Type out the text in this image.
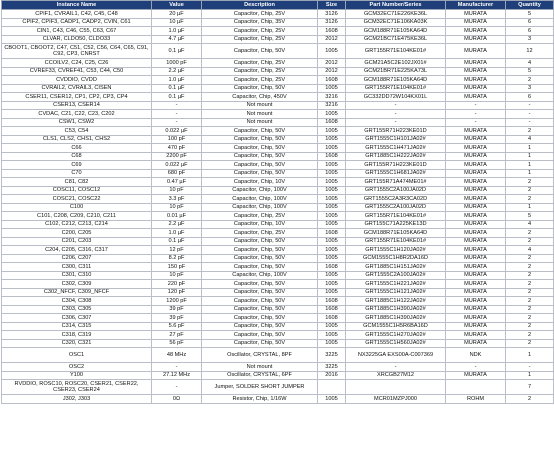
Instance Name	Value	Description	Size	Part Number/Series	Manufacturer	Quantity
CPIF1, CVRAIL1, C42, C45, C48	20 µF	Capacitor, Chip, 25V	3126	GCM32EC71E226KE36L	MURATA	5
CPIF2, CPIF3, CADP1, CADP2, CVIN, C61	10 µF	Capacitor, Chip, 35V	3126	GCM32EC71E106KA03K	MURATA	6
CIN1, C43, C46, C55, C63, C67	1.0 µF	Capacitor, Chip, 25V	1608	GCM188R71E105KA64D	MURATA	6
CLVAR, CLDO50, CLDO33	4.7 µF	Capacitor, Chip, 25V	2012	GCM21BC71E475KE36L	MURATA	3
CBOOT1, CBOOT2, C47, C51, C52, C56, C64, C65, C91, C92, CP3, CNRST	0.1 µF	Capacitor, Chip, 50V	1005	GRT155R71E104KE01#	MURATA	12
CCOILV2, C24, C25, C26	1000 pF	Capacitor, Chip, 25V	2012	GCM21A5C2E102JX01#	MURATA	4
CVREF33, CVREF41, C53, C44, C50	2.2 µF	Capacitor, Chip, 25V	2012	GCM21BR71E225KA73L	MURATA	5
CVDDIO, CVDD	1.0 µF	Capacitor, Chip, 25V	1608	GCM188R71E105KA64D	MURATA	2
CVRAIL2, CVRAIL3, CISEN	0.1 µF	Capacitor, Chip, 50V	1005	GRT155R71E104KE01#	MURATA	3
CSER11, CSER12, CP1, CP2, CP3, CP4	0.1 µF	Capacitor, Chip, 450V	3216	GC332DD72W104KX01L	MURATA	6
CSER13, CSER14	-	Not mount	3216	-	-	-
CVDAC, C21, C22, C23, C202	-	Not mount	1005	-	-	-
CSW1, CSW2	-	Not mount	1608	-	-	-
C53, C54	0.022 µF	Capacitor, Chip, 50V	1005	GRT155R71H223KE01D	MURATA	2
CLS1, CLS2, CHS1, CHS2	100 pF	Capacitor, Chip, 50V	1005	GRT1555C1H101JA02#	MURATA	4
C66	470 pF	Capacitor, Chip, 50V	1005	GRT1555C1H471JA02#	MURATA	1
C68	2200 pF	Capacitor, Chip, 50V	1608	GRT1885C1H222JA02#	MURATA	1
C69	0.022 µF	Capacitor, Chip, 50V	1005	GRT155R71H223KE01D	MURATA	1
C70	680 pF	Capacitor, Chip, 50V	1005	GRT1555C1H681JA02#	MURATA	1
C81, C82	0.47 µF	Capacitor, Chip, 10V	1005	GRT155R71A474ME01#	MURATA	2
COSC11, COSC12	10 pF	Capacitor, Chip, 100V	1005	GRT1555C2A100JA02D	MURATA	2
COSC21, COSC22	3.3 pF	Capacitor, Chip, 100V	1005	GRT1555C2A3R3CA02D	MURATA	2
C100	10 pF	Capacitor, Chip, 100V	1005	GRT1555C2A100JA02D	MURATA	1
C101, C208, C209, C210, C211	0.01 µF	Capacitor, Chip, 25V	1005	GRT155R71E104KE01#	MURATA	5
C102, C212, C213, C214	2.2 µF	Capacitor, Chip, 10V	1005	GRT155C71A225KE13D	MURATA	4
C200, C205	1.0 µF	Capacitor, Chip, 25V	1608	GCM188R71E105KA64D	MURATA	2
C201, C203	0.1 µF	Capacitor, Chip, 50V	1005	GRT155R71E104KE01#	MURATA	2
C204, C205, C316, C317	12 pF	Capacitor, Chip, 50V	1005	GRT1555C1H120JA02#	MURATA	4
C206, C207	8.2 pF	Capacitor, Chip, 50V	1005	GCM1555C1H8R2DA16D	MURATA	2
C300, C311	150 pF	Capacitor, Chip, 50V	1608	GRT1885C1H151JA02#	MURATA	2
C301, C310	10 pF	Capacitor, Chip, 100V	1005	GRT1555C2A100JA02#	MURATA	2
C302, C309	220 pF	Capacitor, Chip, 50V	1005	GRT1555C1H221JA02#	MURATA	2
C302_NFCF, C309_NFCF	120 pF	Capacitor, Chip, 50V	1005	GRT1555C1H121JA02#	MURATA	2
C304, C308	1200 pF	Capacitor, Chip, 50V	1608	GRT1885C1H122JA02#	MURATA	2
C303, C305	39 pF	Capacitor, Chip, 50V	1608	GRT1885C1H390JA02#	MURATA	2
C306, C307	39 pF	Capacitor, Chip, 50V	1608	GRT1885C1H390JA02#	MURATA	2
C314, C315	5.6 pF	Capacitor, Chip, 50V	1005	GCM1555C1H5R6BA16D	MURATA	2
C318, C319	27 pF	Capacitor, Chip, 50V	1005	GRT1555C1H270JA02#	MURATA	2
C320, C321	56 pF	Capacitor, Chip, 50V	1005	GRT1555C1H560JA02#	MURATA	2
OSC1	48 MHz	Oscillator, CRYSTAL, 8PF	3225	NX3225GA EXS00A-C007369	NDK	1
OSC2	-	Not mount	3225	-	-	-
Y100	27.12 MHz	Oscillator, CRYSTAL, 6PF	2016	XRCGB27M12	MURATA	1
RVDDIO, ROSC10, ROSC20, CSER21, CSER22, CSER23, CSER24	-	Jumper, SOLDER SHORT JUMPER				7
J302, J303	0Ω	Resistor, Chip, 1/16W	1005	MCR01MZPJ000	ROHM	2
